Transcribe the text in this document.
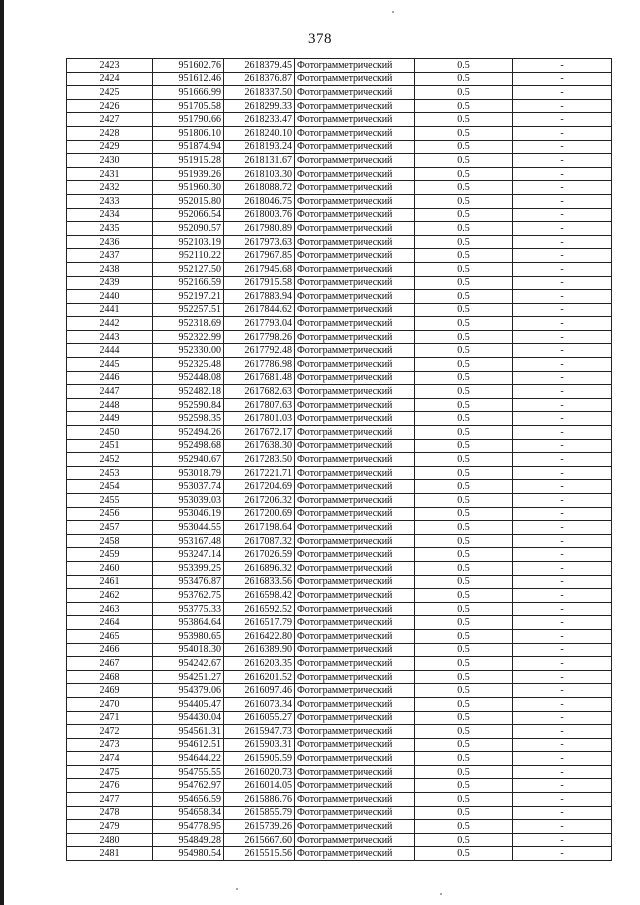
378
2423	951602.76	2618379.45	Фотограмметрический	0.5	-
2424	951612.46	2618376.87	Фотограмметрический	0.5	-
2425	951666.99	2618337.50	Фотограмметрический	0.5	-
2426	951705.58	2618299.33	Фотограмметрический	0.5	-
2427	951790.66	2618233.47	Фотограмметрический	0.5	-
2428	951806.10	2618240.10	Фотограмметрический	0.5	-
2429	951874.94	2618193.24	Фотограмметрический	0.5	-
2430	951915.28	2618131.67	Фотограмметрический	0.5	-
2431	951939.26	2618103.30	Фотограмметрический	0.5	-
2432	951960.30	2618088.72	Фотограмметрический	0.5	-
2433	952015.80	2618046.75	Фотограмметрический	0.5	-
2434	952066.54	2618003.76	Фотограмметрический	0.5	-
2435	952090.57	2617980.89	Фотограмметрический	0.5	-
2436	952103.19	2617973.63	Фотограмметрический	0.5	-
2437	952110.22	2617967.85	Фотограмметрический	0.5	-
2438	952127.50	2617945.68	Фотограмметрический	0.5	-
2439	952166.59	2617915.58	Фотограмметрический	0.5	-
2440	952197.21	2617883.94	Фотограмметрический	0.5	-
2441	952257.51	2617844.62	Фотограмметрический	0.5	-
2442	952318.69	2617793.04	Фотограмметрический	0.5	-
2443	952322.99	2617798.26	Фотограмметрический	0.5	-
2444	952330.00	2617792.48	Фотограмметрический	0.5	-
2445	952325.48	2617786.98	Фотограмметрический	0.5	-
2446	952448.08	2617681.48	Фотограмметрический	0.5	-
2447	952482.18	2617682.63	Фотограмметрический	0.5	-
2448	952590.84	2617807.63	Фотограмметрический	0.5	-
2449	952598.35	2617801.03	Фотограмметрический	0.5	-
2450	952494.26	2617672.17	Фотограмметрический	0.5	-
2451	952498.68	2617638.30	Фотограмметрический	0.5	-
2452	952940.67	2617283.50	Фотограмметрический	0.5	-
2453	953018.79	2617221.71	Фотограмметрический	0.5	-
2454	953037.74	2617204.69	Фотограмметрический	0.5	-
2455	953039.03	2617206.32	Фотограмметрический	0.5	-
2456	953046.19	2617200.69	Фотограмметрический	0.5	-
2457	953044.55	2617198.64	Фотограмметрический	0.5	-
2458	953167.48	2617087.32	Фотограмметрический	0.5	-
2459	953247.14	2617026.59	Фотограмметрический	0.5	-
2460	953399.25	2616896.32	Фотограмметрический	0.5	-
2461	953476.87	2616833.56	Фотограмметрический	0.5	-
2462	953762.75	2616598.42	Фотограмметрический	0.5	-
2463	953775.33	2616592.52	Фотограмметрический	0.5	-
2464	953864.64	2616517.79	Фотограмметрический	0.5	-
2465	953980.65	2616422.80	Фотограмметрический	0.5	-
2466	954018.30	2616389.90	Фотограмметрический	0.5	-
2467	954242.67	2616203.35	Фотограмметрический	0.5	-
2468	954251.27	2616201.52	Фотограмметрический	0.5	-
2469	954379.06	2616097.46	Фотограмметрический	0.5	-
2470	954405.47	2616073.34	Фотограмметрический	0.5	-
2471	954430.04	2616055.27	Фотограмметрический	0.5	-
2472	954561.31	2615947.73	Фотограмметрический	0.5	-
2473	954612.51	2615903.31	Фотограмметрический	0.5	-
2474	954644.22	2615905.59	Фотограмметрический	0.5	-
2475	954755.55	2616020.73	Фотограмметрический	0.5	-
2476	954762.97	2616014.05	Фотограмметрический	0.5	-
2477	954656.59	2615886.76	Фотограмметрический	0.5	-
2478	954658.34	2615855.79	Фотограмметрический	0.5	-
2479	954778.95	2615739.26	Фотограмметрический	0.5	-
2480	954849.28	2615667.60	Фотограмметрический	0.5	-
2481	954980.54	2615515.56	Фотограмметрический	0.5	-
